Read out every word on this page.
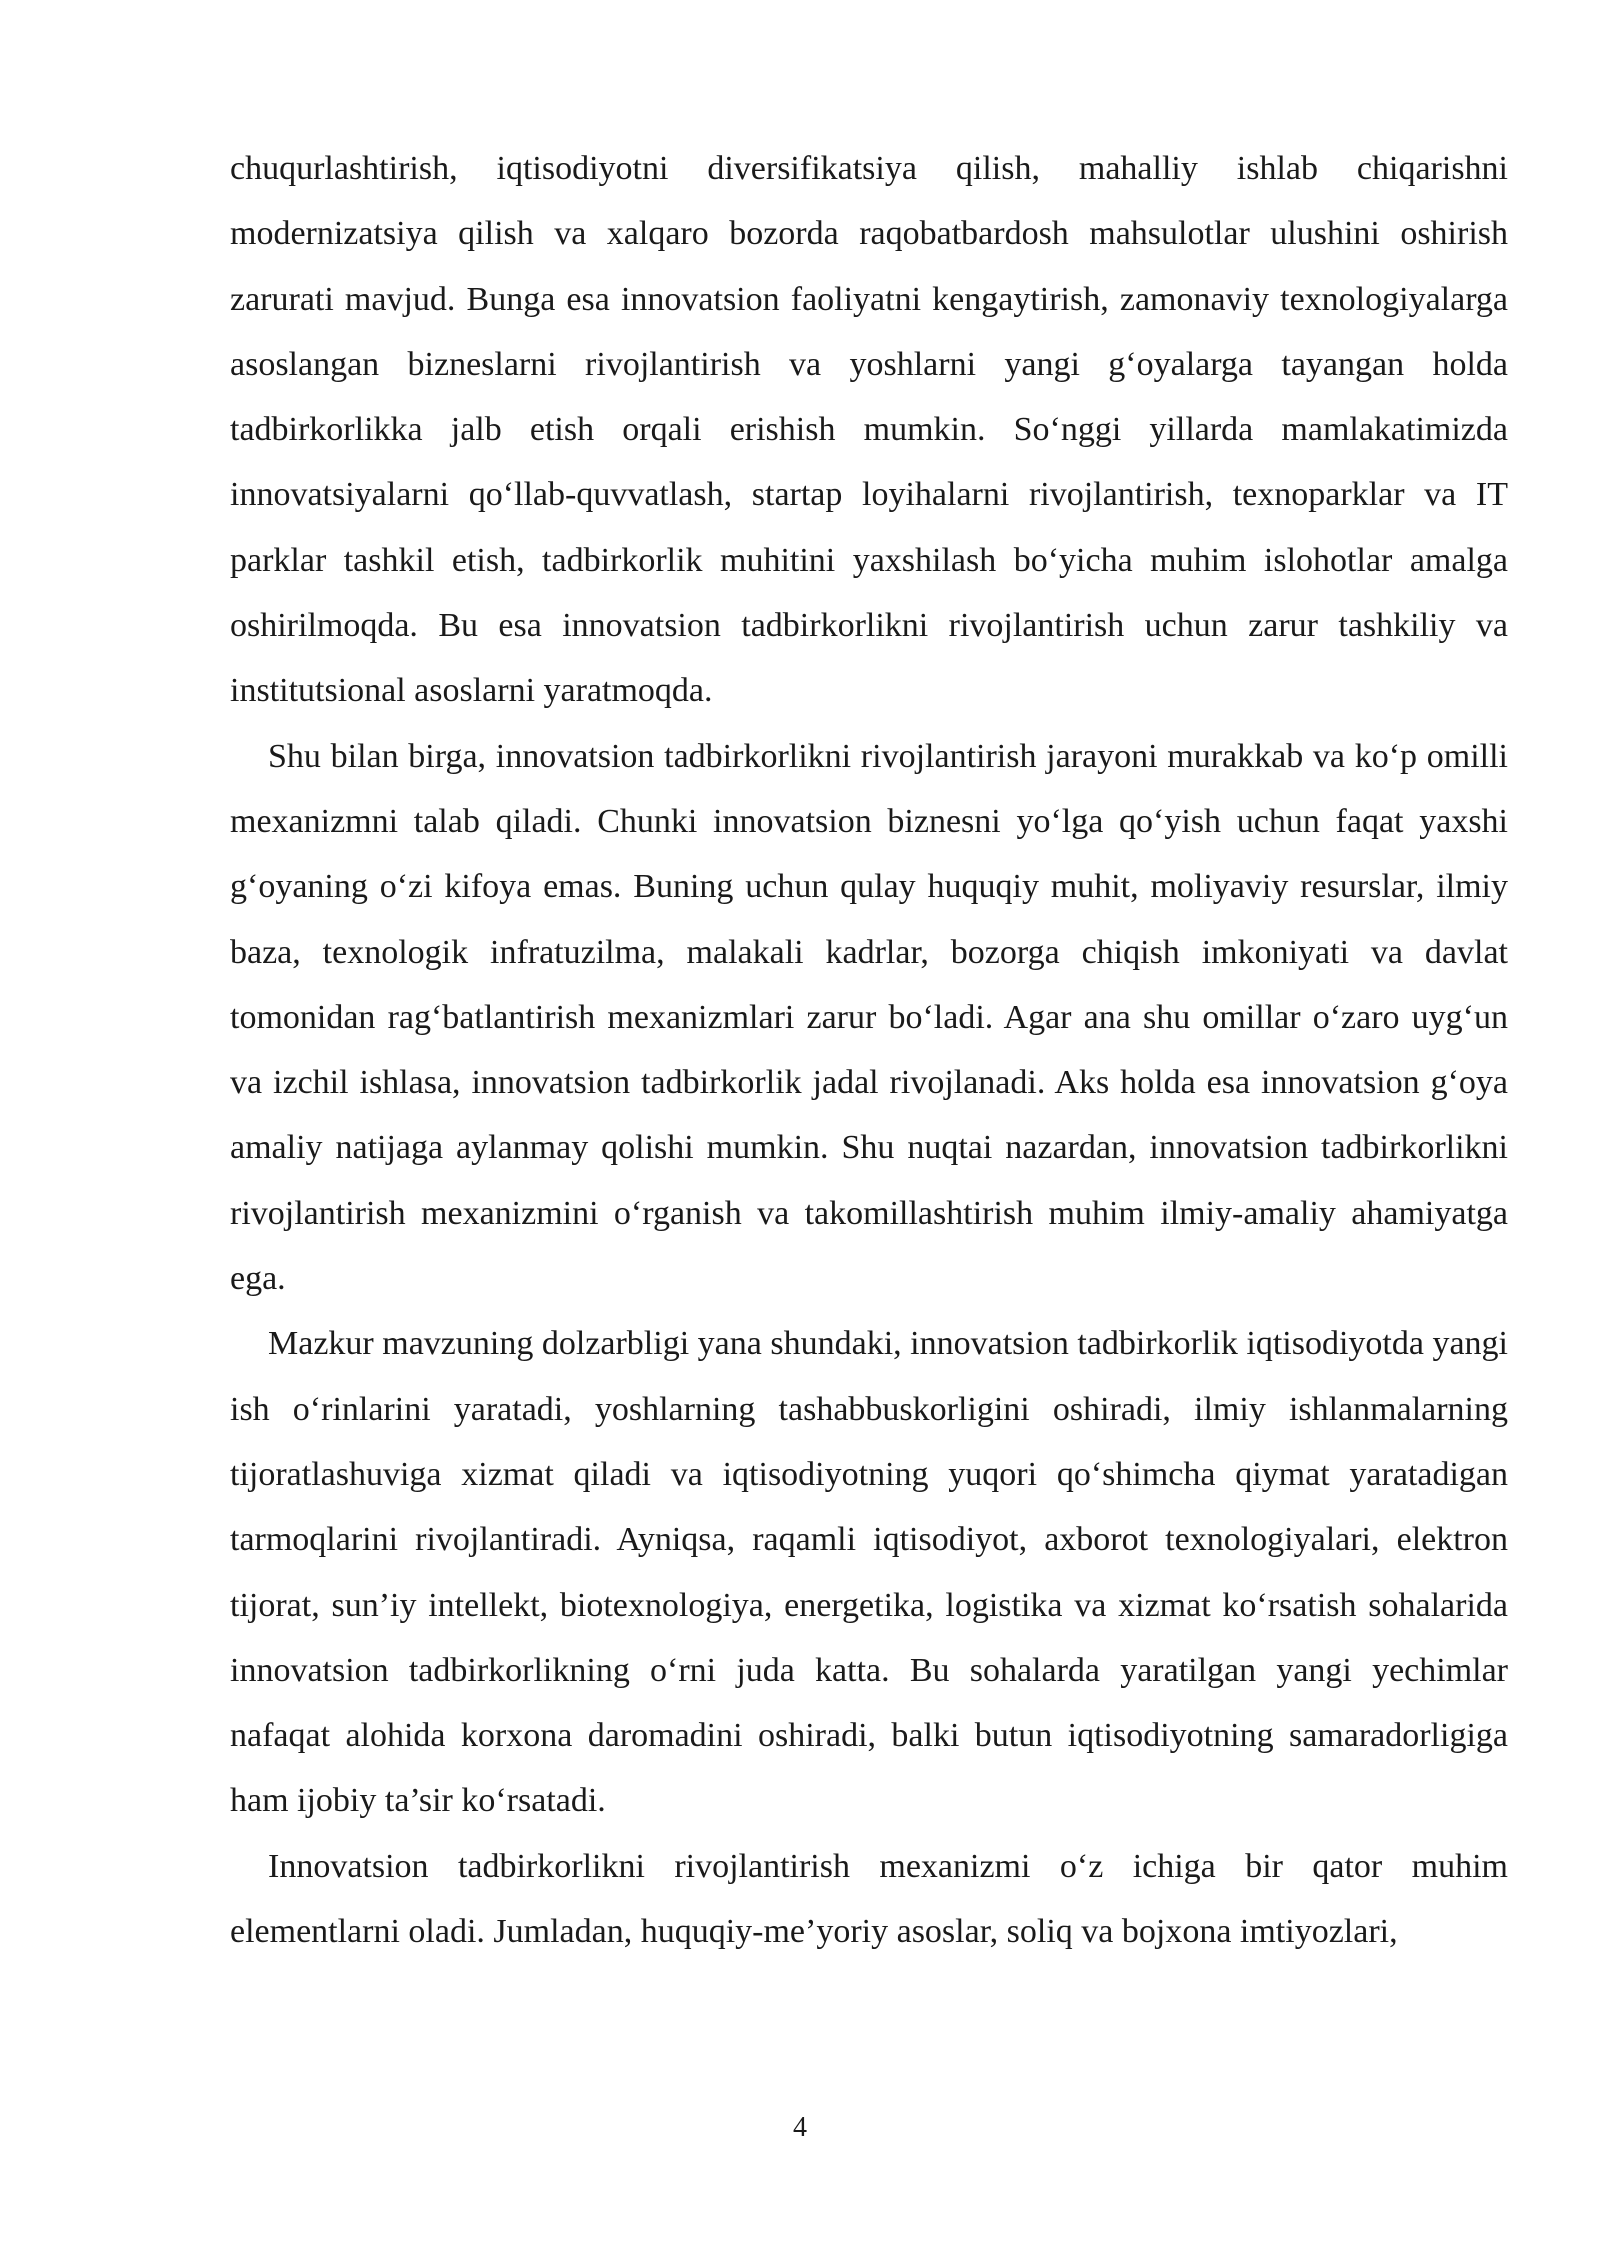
chuqurlashtirish, iqtisodiyotni diversifikatsiya qilish, mahalliy ishlab chiqarishni modernizatsiya qilish va xalqaro bozorda raqobatbardosh mahsulotlar ulushini oshirish zarurati mavjud. Bunga esa innovatsion faoliyatni kengaytirish, zamonaviy texnologiyalarga asoslangan bizneslarni rivojlantirish va yoshlarni yangi g‘oyalarga tayangan holda tadbirkorlikka jalb etish orqali erishish mumkin. So‘nggi yillarda mamlakatimizda innovatsiyalarni qo‘llab-quvvatlash, startap loyihalarni rivojlantirish, texnoparklar va IT parklar tashkil etish, tadbirkorlik muhitini yaxshilash bo‘yicha muhim islohotlar amalga oshirilmoqda. Bu esa innovatsion tadbirkorlikni rivojlantirish uchun zarur tashkiliy va institutsional asoslarni yaratmoqda.

Shu bilan birga, innovatsion tadbirkorlikni rivojlantirish jarayoni murakkab va ko‘p omilli mexanizmni talab qiladi. Chunki innovatsion biznesni yo‘lga qo‘yish uchun faqat yaxshi g‘oyaning o‘zi kifoya emas. Buning uchun qulay huquqiy muhit, moliyaviy resurslar, ilmiy baza, texnologik infratuzilma, malakali kadrlar, bozorga chiqish imkoniyati va davlat tomonidan rag‘batlantirish mexanizmlari zarur bo‘ladi. Agar ana shu omillar o‘zaro uyg‘un va izchil ishlasa, innovatsion tadbirkorlik jadal rivojlanadi. Aks holda esa innovatsion g‘oya amaliy natijaga aylanmay qolishi mumkin. Shu nuqtai nazardan, innovatsion tadbirkorlikni rivojlantirish mexanizmini o‘rganish va takomillashtirish muhim ilmiy-amaliy ahamiyatga ega.

Mazkur mavzuning dolzarbligi yana shundaki, innovatsion tadbirkorlik iqtisodiyotda yangi ish o‘rinlarini yaratadi, yoshlarning tashabbuskorligini oshiradi, ilmiy ishlanmalarning tijoratlashuviga xizmat qiladi va iqtisodiyotning yuqori qo‘shimcha qiymat yaratadigan tarmoqlarini rivojlantiradi. Ayniqsa, raqamli iqtisodiyot, axborot texnologiyalari, elektron tijorat, sun’iy intellekt, biotexnologiya, energetika, logistika va xizmat ko‘rsatish sohalarida innovatsion tadbirkorlikning o‘rni juda katta. Bu sohalarda yaratilgan yangi yechimlar nafaqat alohida korxona daromadini oshiradi, balki butun iqtisodiyotning samaradorligiga ham ijobiy ta’sir ko‘rsatadi.

Innovatsion tadbirkorlikni rivojlantirish mexanizmi o‘z ichiga bir qator muhim elementlarni oladi. Jumladan, huquqiy-me’yoriy asoslar, soliq va bojxona imtiyozlari,

4
